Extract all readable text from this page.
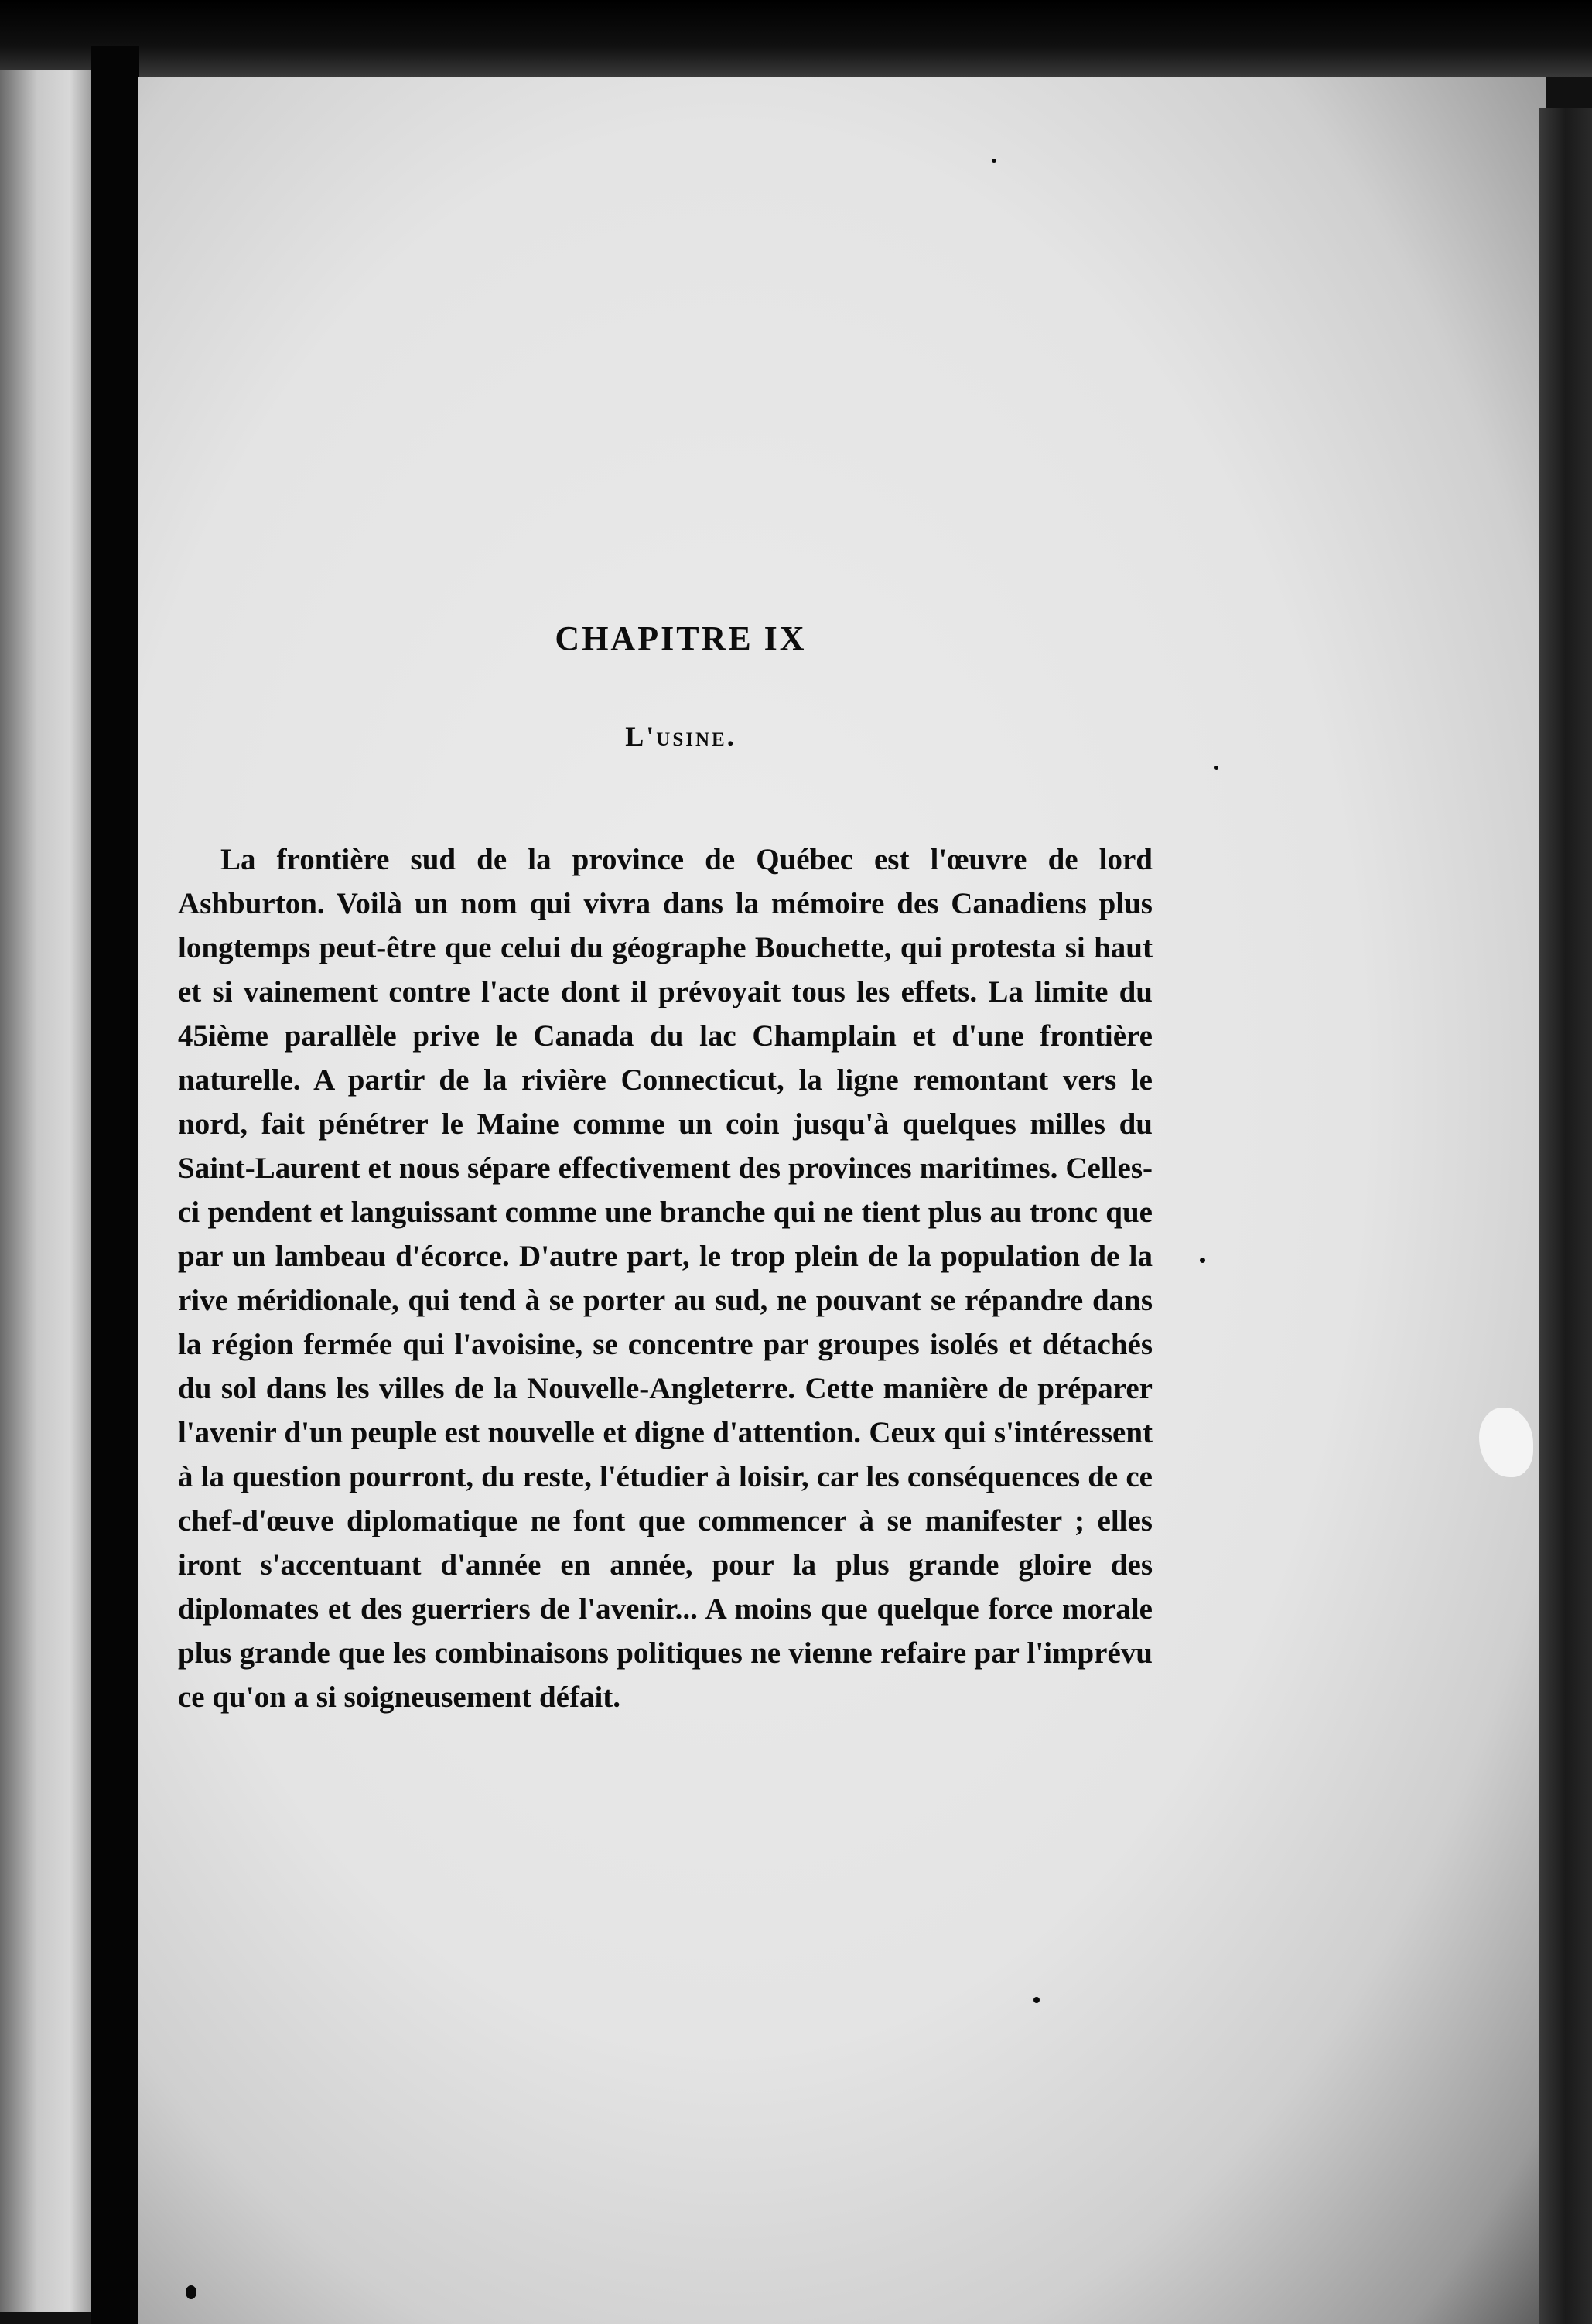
CHAPITRE IX
L'usine.

La frontière sud de la province de Québec est l'œuvre de lord Ashburton. Voilà un nom qui vivra dans la mémoire des Canadiens plus longtemps peut-être que celui du géographe Bouchette, qui protesta si haut et si vainement contre l'acte dont il prévoyait tous les effets. La limite du 45ième parallèle prive le Canada du lac Champlain et d'une frontière naturelle. A partir de la rivière Connecticut, la ligne remontant vers le nord, fait pénétrer le Maine comme un coin jusqu'à quelques milles du Saint-Laurent et nous sépare effectivement des provinces maritimes. Celles-ci pendent et languissant comme une branche qui ne tient plus au tronc que par un lambeau d'écorce. D'autre part, le trop plein de la population de la rive méridionale, qui tend à se porter au sud, ne pouvant se répandre dans la région fermée qui l'avoisine, se concentre par groupes isolés et détachés du sol dans les villes de la Nouvelle-Angleterre. Cette manière de préparer l'avenir d'un peuple est nouvelle et digne d'attention. Ceux qui s'intéressent à la question pourront, du reste, l'étudier à loisir, car les conséquences de ce chef-d'œuve diplomatique ne font que commencer à se manifester ; elles iront s'accentuant d'année en année, pour la plus grande gloire des diplomates et des guerriers de l'avenir... A moins que quelque force morale plus grande que les combinaisons politiques ne vienne refaire par l'imprévu ce qu'on a si soigneusement défait.
